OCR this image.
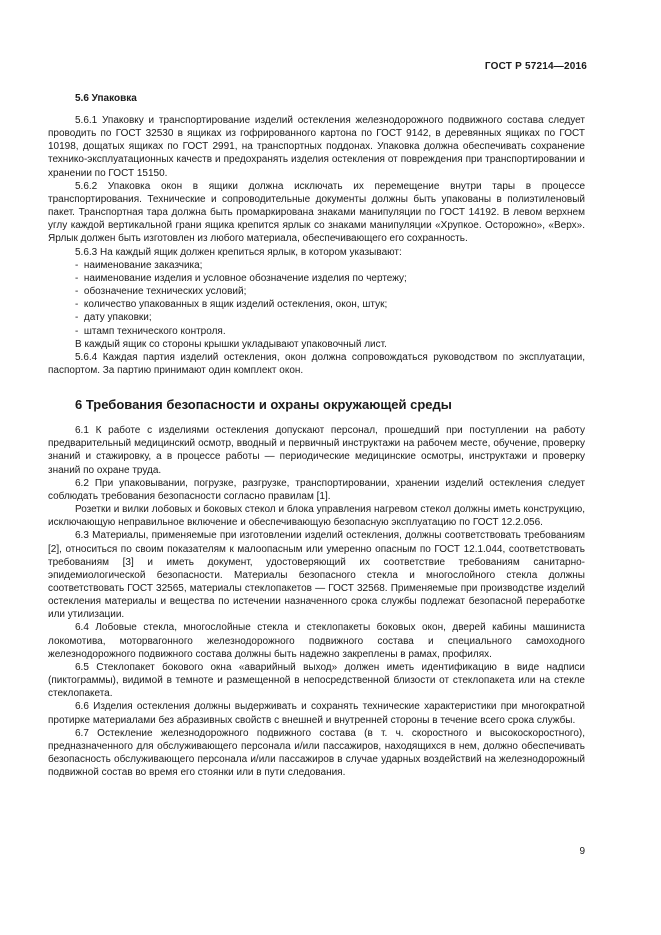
ГОСТ Р 57214—2016
5.6 Упаковка

5.6.1 Упаковку и транспортирование изделий остекления железнодорожного подвижного состава следует проводить по ГОСТ 32530 в ящиках из гофрированного картона по ГОСТ 9142, в деревянных ящиках по ГОСТ 10198, дощатых ящиках по ГОСТ 2991, на транспортных поддонах. Упаковка должна обеспечивать сохранение технико-эксплуатационных качеств и предохранять изделия остекления от повреждения при транспортировании и хранении по ГОСТ 15150.

5.6.2 Упаковка окон в ящики должна исключать их перемещение внутри тары в процессе транспортирования. Технические и сопроводительные документы должны быть упакованы в полиэтиленовый пакет. Транспортная тара должна быть промаркирована знаками манипуляции по ГОСТ 14192. В левом верхнем углу каждой вертикальной грани ящика крепится ярлык со знаками манипуляции «Хрупкое. Осторожно», «Верх». Ярлык должен быть изготовлен из любого материала, обеспечивающего его сохранность.

5.6.3 На каждый ящик должен крепиться ярлык, в котором указывают:

-  наименование заказчика;
-  наименование изделия и условное обозначение изделия по чертежу;
-  обозначение технических условий;
-  количество упакованных в ящик изделий остекления, окон, штук;
-  дату упаковки;
-  штамп технического контроля.

В каждый ящик со стороны крышки укладывают упаковочный лист.

5.6.4 Каждая партия изделий остекления, окон должна сопровождаться руководством по эксплуатации, паспортом. За партию принимают один комплект окон.

6 Требования безопасности и охраны окружающей среды

6.1 К работе с изделиями остекления допускают персонал, прошедший при поступлении на работу предварительный медицинский осмотр, вводный и первичный инструктажи на рабочем месте, обучение, проверку знаний и стажировку, а в процессе работы — периодические медицинские осмотры, инструктажи и проверку знаний по охране труда.

6.2 При упаковывании, погрузке, разгрузке, транспортировании, хранении изделий остекления следует соблюдать требования безопасности согласно правилам [1].

Розетки и вилки лобовых и боковых стекол и блока управления нагревом стекол должны иметь конструкцию, исключающую неправильное включение и обеспечивающую безопасную эксплуатацию по ГОСТ 12.2.056.

6.3 Материалы, применяемые при изготовлении изделий остекления, должны соответствовать требованиям [2], относиться по своим показателям к малоопасным или умеренно опасным по ГОСТ 12.1.044, соответствовать требованиям [3] и иметь документ, удостоверяющий их соответствие требованиям санитарно-эпидемиологической безопасности. Материалы безопасного стекла и многослойного стекла должны соответствовать ГОСТ 32565, материалы стеклопакетов — ГОСТ 32568. Применяемые при производстве изделий остекления материалы и вещества по истечении назначенного срока службы подлежат безопасной переработке или утилизации.

6.4 Лобовые стекла, многослойные стекла и стеклопакеты боковых окон, дверей кабины машиниста локомотива, моторвагонного железнодорожного подвижного состава и специального самоходного железнодорожного подвижного состава должны быть надежно закреплены в рамах, профилях.

6.5 Стеклопакет бокового окна «аварийный выход» должен иметь идентификацию в виде надписи (пиктограммы), видимой в темноте и размещенной в непосредственной близости от стеклопакета или на стекле стеклопакета.

6.6 Изделия остекления должны выдерживать и сохранять технические характеристики при многократной протирке материалами без абразивных свойств с внешней и внутренней стороны в течение всего срока службы.

6.7 Остекление железнодорожного подвижного состава (в т. ч. скоростного и высокоскоростного), предназначенного для обслуживающего персонала и/или пассажиров, находящихся в нем, должно обеспечивать безопасность обслуживающего персонала и/или пассажиров в случае ударных воздействий на железнодорожный подвижной состав во время его стоянки или в пути следования.

9
